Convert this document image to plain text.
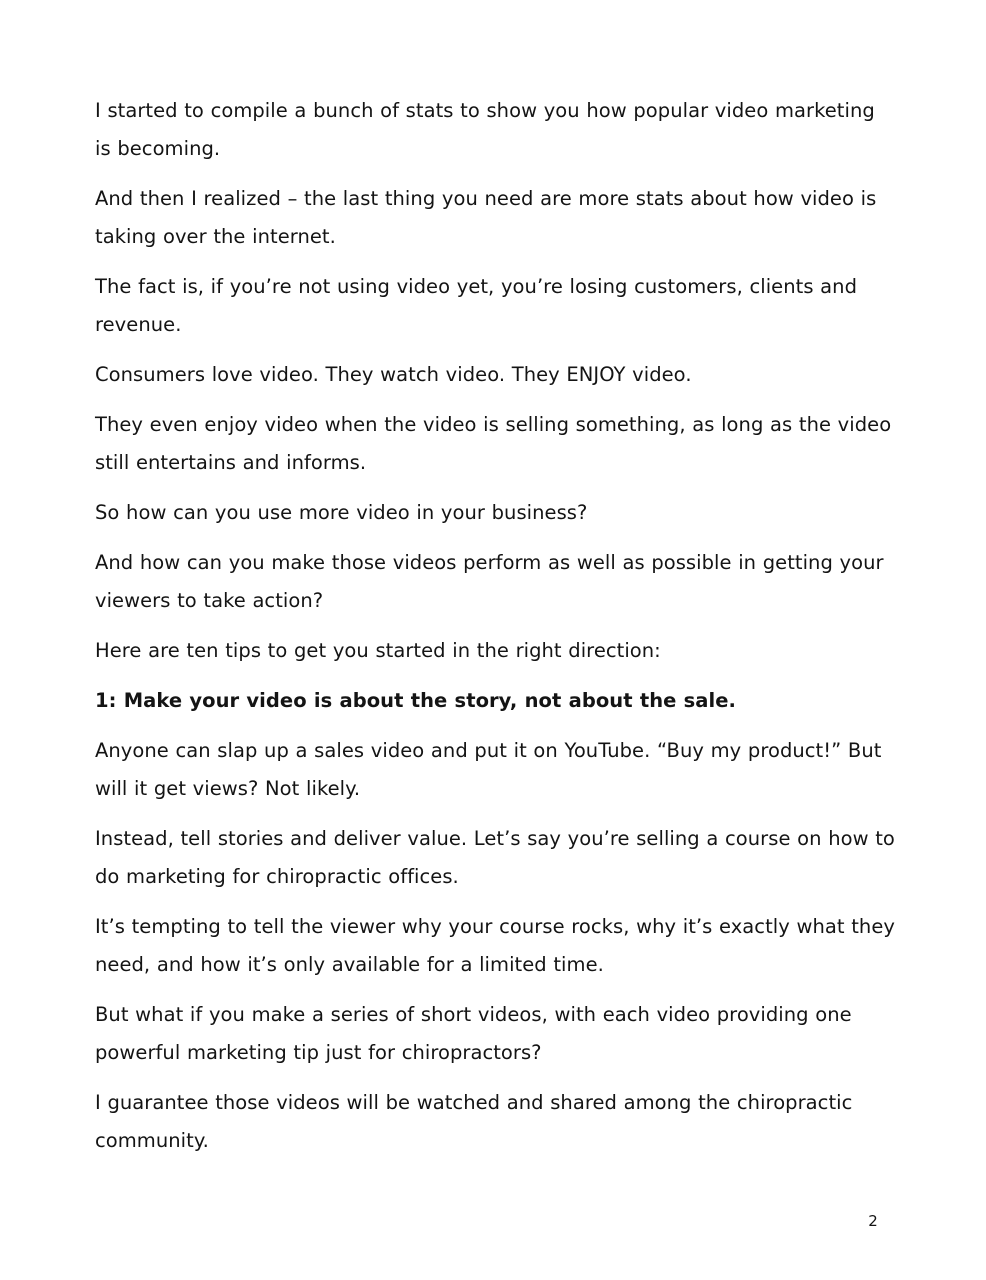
I started to compile a bunch of stats to show you how popular video marketing is becoming.

And then I realized – the last thing you need are more stats about how video is taking over the internet.

The fact is, if you’re not using video yet, you’re losing customers, clients and revenue.

Consumers love video. They watch video. They ENJOY video.

They even enjoy video when the video is selling something, as long as the video still entertains and informs.

So how can you use more video in your business?

And how can you make those videos perform as well as possible in getting your viewers to take action?

Here are ten tips to get you started in the right direction:

1: Make your video is about the story, not about the sale.

Anyone can slap up a sales video and put it on YouTube. “Buy my product!” But will it get views? Not likely.

Instead, tell stories and deliver value. Let’s say you’re selling a course on how to do marketing for chiropractic offices.

It’s tempting to tell the viewer why your course rocks, why it’s exactly what they need, and how it’s only available for a limited time.

But what if you make a series of short videos, with each video providing one powerful marketing tip just for chiropractors?

I guarantee those videos will be watched and shared among the chiropractic community.

2
